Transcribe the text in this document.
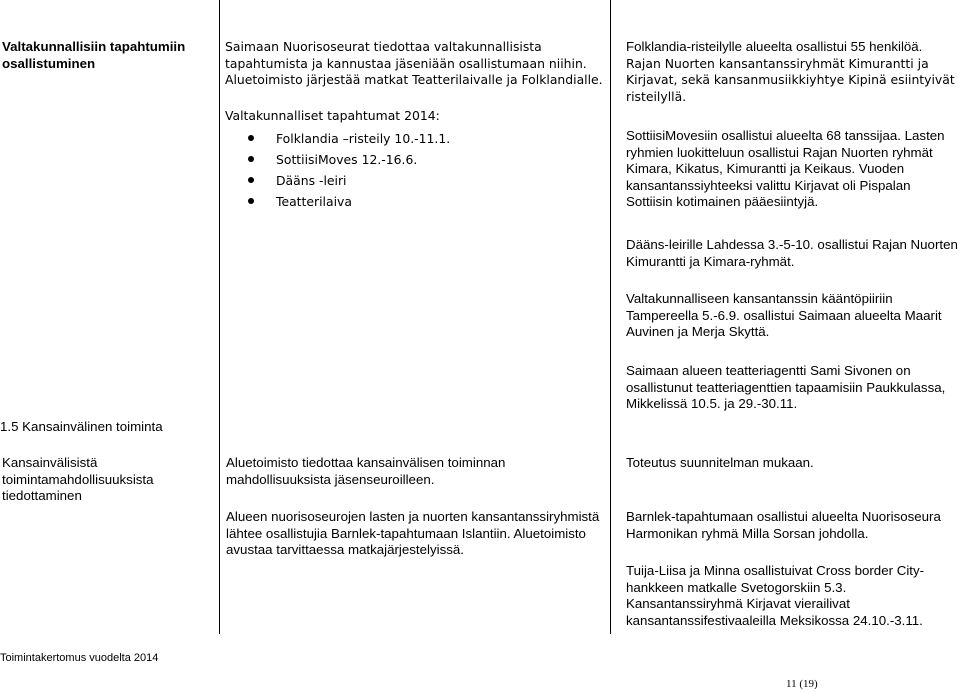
Valtakunnallisiin tapahtumiin
osallistuminen
Saimaan Nuorisoseurat tiedottaa valtakunnallisista
tapahtumista ja kannustaa jäseniään osallistumaan niihin.
Aluetoimisto järjestää matkat Teatterilaivalle ja Folklandialle.
Valtakunnalliset tapahtumat 2014:
Folklandia –risteily 10.-11.1.
SottiisiMoves 12.-16.6.
Dääns -leiri
Teatterilaiva
Folklandia-risteilylle alueelta osallistui 55 henkilöä.
Rajan Nuorten kansantanssiryhmät Kimurantti ja
Kirjavat, sekä kansanmusiikkiyhtye Kipinä esiintyivät
risteilyllä.
SottiisiMovesiin osallistui alueelta 68 tanssijaa. Lasten
ryhmien luokitteluun osallistui Rajan Nuorten ryhmät
Kimara, Kikatus, Kimurantti ja Keikaus. Vuoden
kansantanssiyhteeksi valittu Kirjavat oli Pispalan
Sottiisin kotimainen pääesiintyjä.
Dääns-leirille Lahdessa 3.-5-10. osallistui Rajan Nuorten
Kimurantti ja Kimara-ryhmät.
Valtakunnalliseen kansantanssin kääntöpiiriin
Tampereella 5.-6.9. osallistui Saimaan alueelta Maarit
Auvinen ja Merja Skyttä.
Saimaan alueen teatteriagentti Sami Sivonen on
osallistunut teatteriagenttien tapaamisiin Paukkulassa,
Mikkelissä 10.5. ja 29.-30.11.
1.5 Kansainvälinen toiminta
Kansainvälisistä
toimintamahdollisuuksista
tiedottaminen
Aluetoimisto tiedottaa kansainvälisen toiminnan
mahdollisuuksista jäsenseuroilleen.
Alueen nuorisoseurojen lasten ja nuorten kansantanssiryhmistä
lähtee osallistujia Barnlek-tapahtumaan Islantiin. Aluetoimisto
avustaa tarvittaessa matkajärjestelyissä.
Toteutus suunnitelman mukaan.
Barnlek-tapahtumaan osallistui alueelta Nuorisoseura
Harmonikan ryhmä Milla Sorsan johdolla.
Tuija-Liisa ja Minna osallistuivat Cross border City-
hankkeen matkalle Svetogorskiin 5.3.
Kansantanssiryhmä Kirjavat vierailivat
kansantanssifestivaaleilla Meksikossa 24.10.-3.11.
Toimintakertomus vuodelta 2014
11 (19)
